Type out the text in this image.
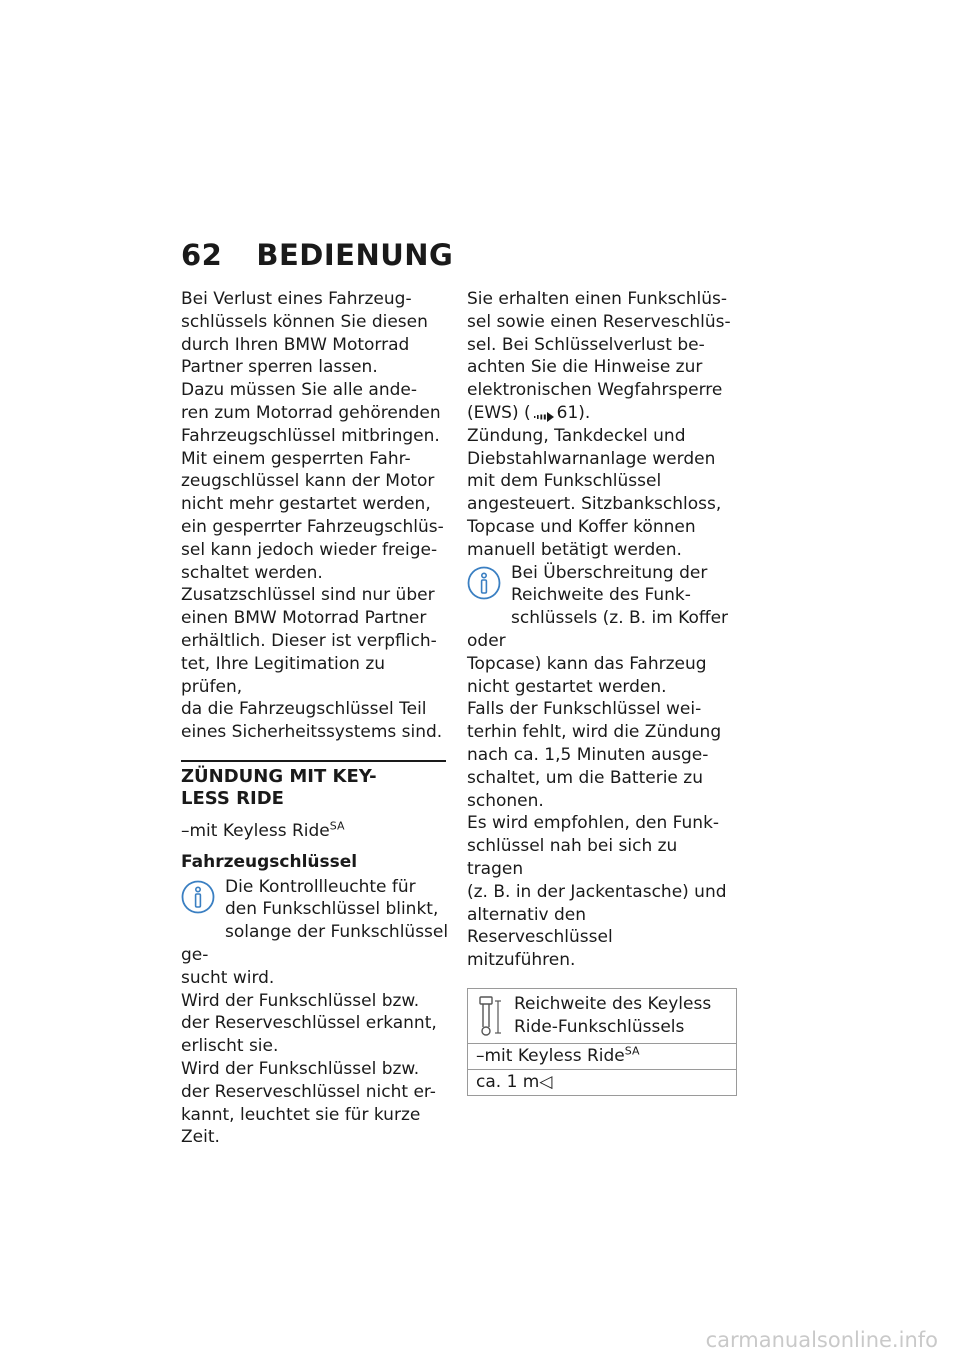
62 BEDIENUNG

Bei Verlust eines Fahrzeug-
schlüssels können Sie diesen
durch Ihren BMW Motorrad
Partner sperren lassen.

Dazu müssen Sie alle ande-
ren zum Motorrad gehörenden
Fahrzeugschlüssel mitbringen.

Mit einem gesperrten Fahr-
zeugschlüssel kann der Motor
nicht mehr gestartet werden,
ein gesperrter Fahrzeugschlüs-
sel kann jedoch wieder freige-
schaltet werden.

Zusatzschlüssel sind nur über
einen BMW Motorrad Partner
erhältlich. Dieser ist verpflich-
tet, Ihre Legitimation zu prüfen,
da die Fahrzeugschlüssel Teil
eines Sicherheitssystems sind.

ZÜNDUNG MIT KEY-
LESS RIDE

–mit Keyless Ride$^{SA}$

Fahrzeugschlüssel

Die Kontrollleuchte für
den Funkschlüssel blinkt,
solange der Funkschlüssel ge-
sucht wird.

Wird der Funkschlüssel bzw.
der Reserveschlüssel erkannt,
erlischt sie.

Wird der Funkschlüssel bzw.
der Reserveschlüssel nicht er-
kannt, leuchtet sie für kurze
Zeit.

Sie erhalten einen Funkschlüs-
sel sowie einen Reserveschlüs-
sel. Bei Schlüsselverlust be-
achten Sie die Hinweise zur
elektronischen Wegfahrsperre
(EWS) ( 61).

Zündung, Tankdeckel und
Diebstahlwarnanlage werden
mit dem Funkschlüssel
angesteuert. Sitzbankschloss,
Topcase und Koffer können
manuell betätigt werden.

Bei Überschreitung der
Reichweite des Funk-
schlüssels (z. B. im Koffer oder
Topcase) kann das Fahrzeug
nicht gestartet werden.

Falls der Funkschlüssel wei-
terhin fehlt, wird die Zündung
nach ca. 1,5 Minuten ausge-
schaltet, um die Batterie zu
schonen.

Es wird empfohlen, den Funk-
schlüssel nah bei sich zu tragen
(z. B. in der Jackentasche) und
alternativ den Reserveschlüssel
mitzuführen.

Reichweite des Keyless
Ride-Funkschlüssels
–mit Keyless Ride$^{SA}$
ca. 1 m◁
carmanualsonline.info
